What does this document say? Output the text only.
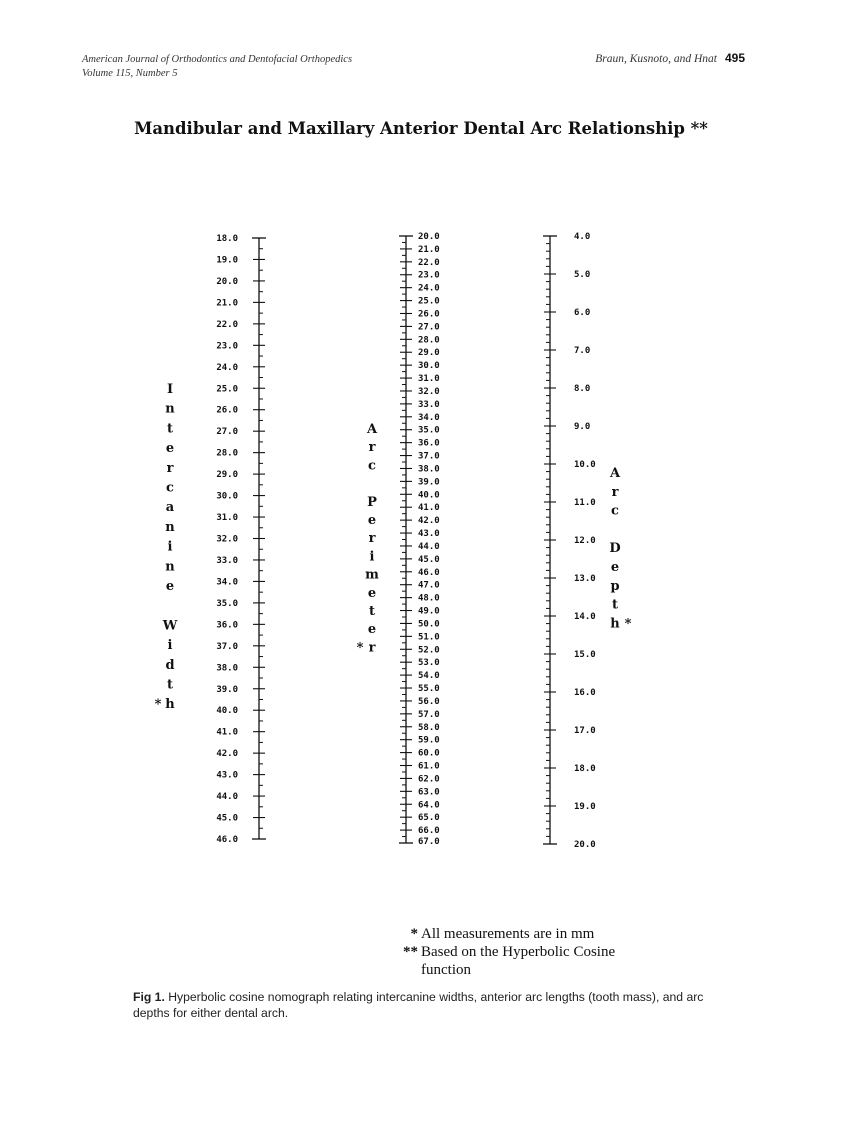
American Journal of Orthodontics and Dentofacial Orthopedics
Volume 115, Number 5
Braun, Kusnoto, and Hnat 495
Mandibular and Maxillary Anterior Dental Arc Relationship **
18.0
19.0
20.0
21.0
22.0
23.0
24.0
25.0
26.0
27.0
28.0
29.0
30.0
31.0
32.0
33.0
34.0
35.0
36.0
37.0
38.0
39.0
40.0
41.0
42.0
43.0
44.0
45.0
46.0
I
n
t
e
r
c
a
n
i
n
e
W
i
d
t
h
*
20.0
21.0
22.0
23.0
24.0
25.0
26.0
27.0
28.0
29.0
30.0
31.0
32.0
33.0
34.0
35.0
36.0
37.0
38.0
39.0
40.0
41.0
42.0
43.0
44.0
45.0
46.0
47.0
48.0
49.0
50.0
51.0
52.0
53.0
54.0
55.0
56.0
57.0
58.0
59.0
60.0
61.0
62.0
63.0
64.0
65.0
66.0
67.0
A
r
c
P
e
r
i
m
e
t
e
r
*
4.0
5.0
6.0
7.0
8.0
9.0
10.0
11.0
12.0
13.0
14.0
15.0
16.0
17.0
18.0
19.0
20.0
A
r
c
D
e
p
t
h *
* All measurements are in mm
** Based on the Hyperbolic Cosine function
Fig 1. Hyperbolic cosine nomograph relating intercanine widths, anterior arc lengths (tooth mass), and arc depths for either dental arch.
